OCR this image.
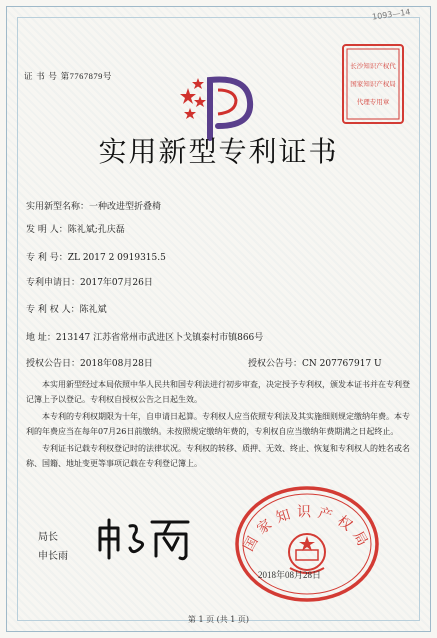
1093—14
证 书 号 第7767879号
长沙知识产权代
国家知识产权局
代理专用章
实用新型专利证书
实用新型名称：一种改进型折叠椅
发 明 人：陈礼斌;孔庆磊
专 利 号：ZL 2017 2 0919315.5
专利申请日：2017年07月26日
专 利 权 人：陈礼斌
地 址：213147 江苏省常州市武进区卜戈镇泰村市镇866号
授权公告日：2018年08月28日	授权公告号：CN 207767917 U

本实用新型经过本局依照中华人民共和国专利法进行初步审查，决定授予专利权，颁发本证书并在专利登记簿上予以登记。专利权自授权公告之日起生效。

本专利的专利权期限为十年，自申请日起算。专利权人应当依照专利法及其实施细则规定缴纳年费。本专利的年费应当在每年07月26日前缴纳。未按照规定缴纳年费的，专利权自应当缴纳年费期满之日起终止。

专利证书记载专利权登记时的法律状况。专利权的转移、质押、无效、终止、恢复和专利权人的姓名或名称、国籍、地址变更等事项记载在专利登记簿上。

局长
申长雨
国家知识产权局
2018年08月28日
第 1 页 (共 1 页)
